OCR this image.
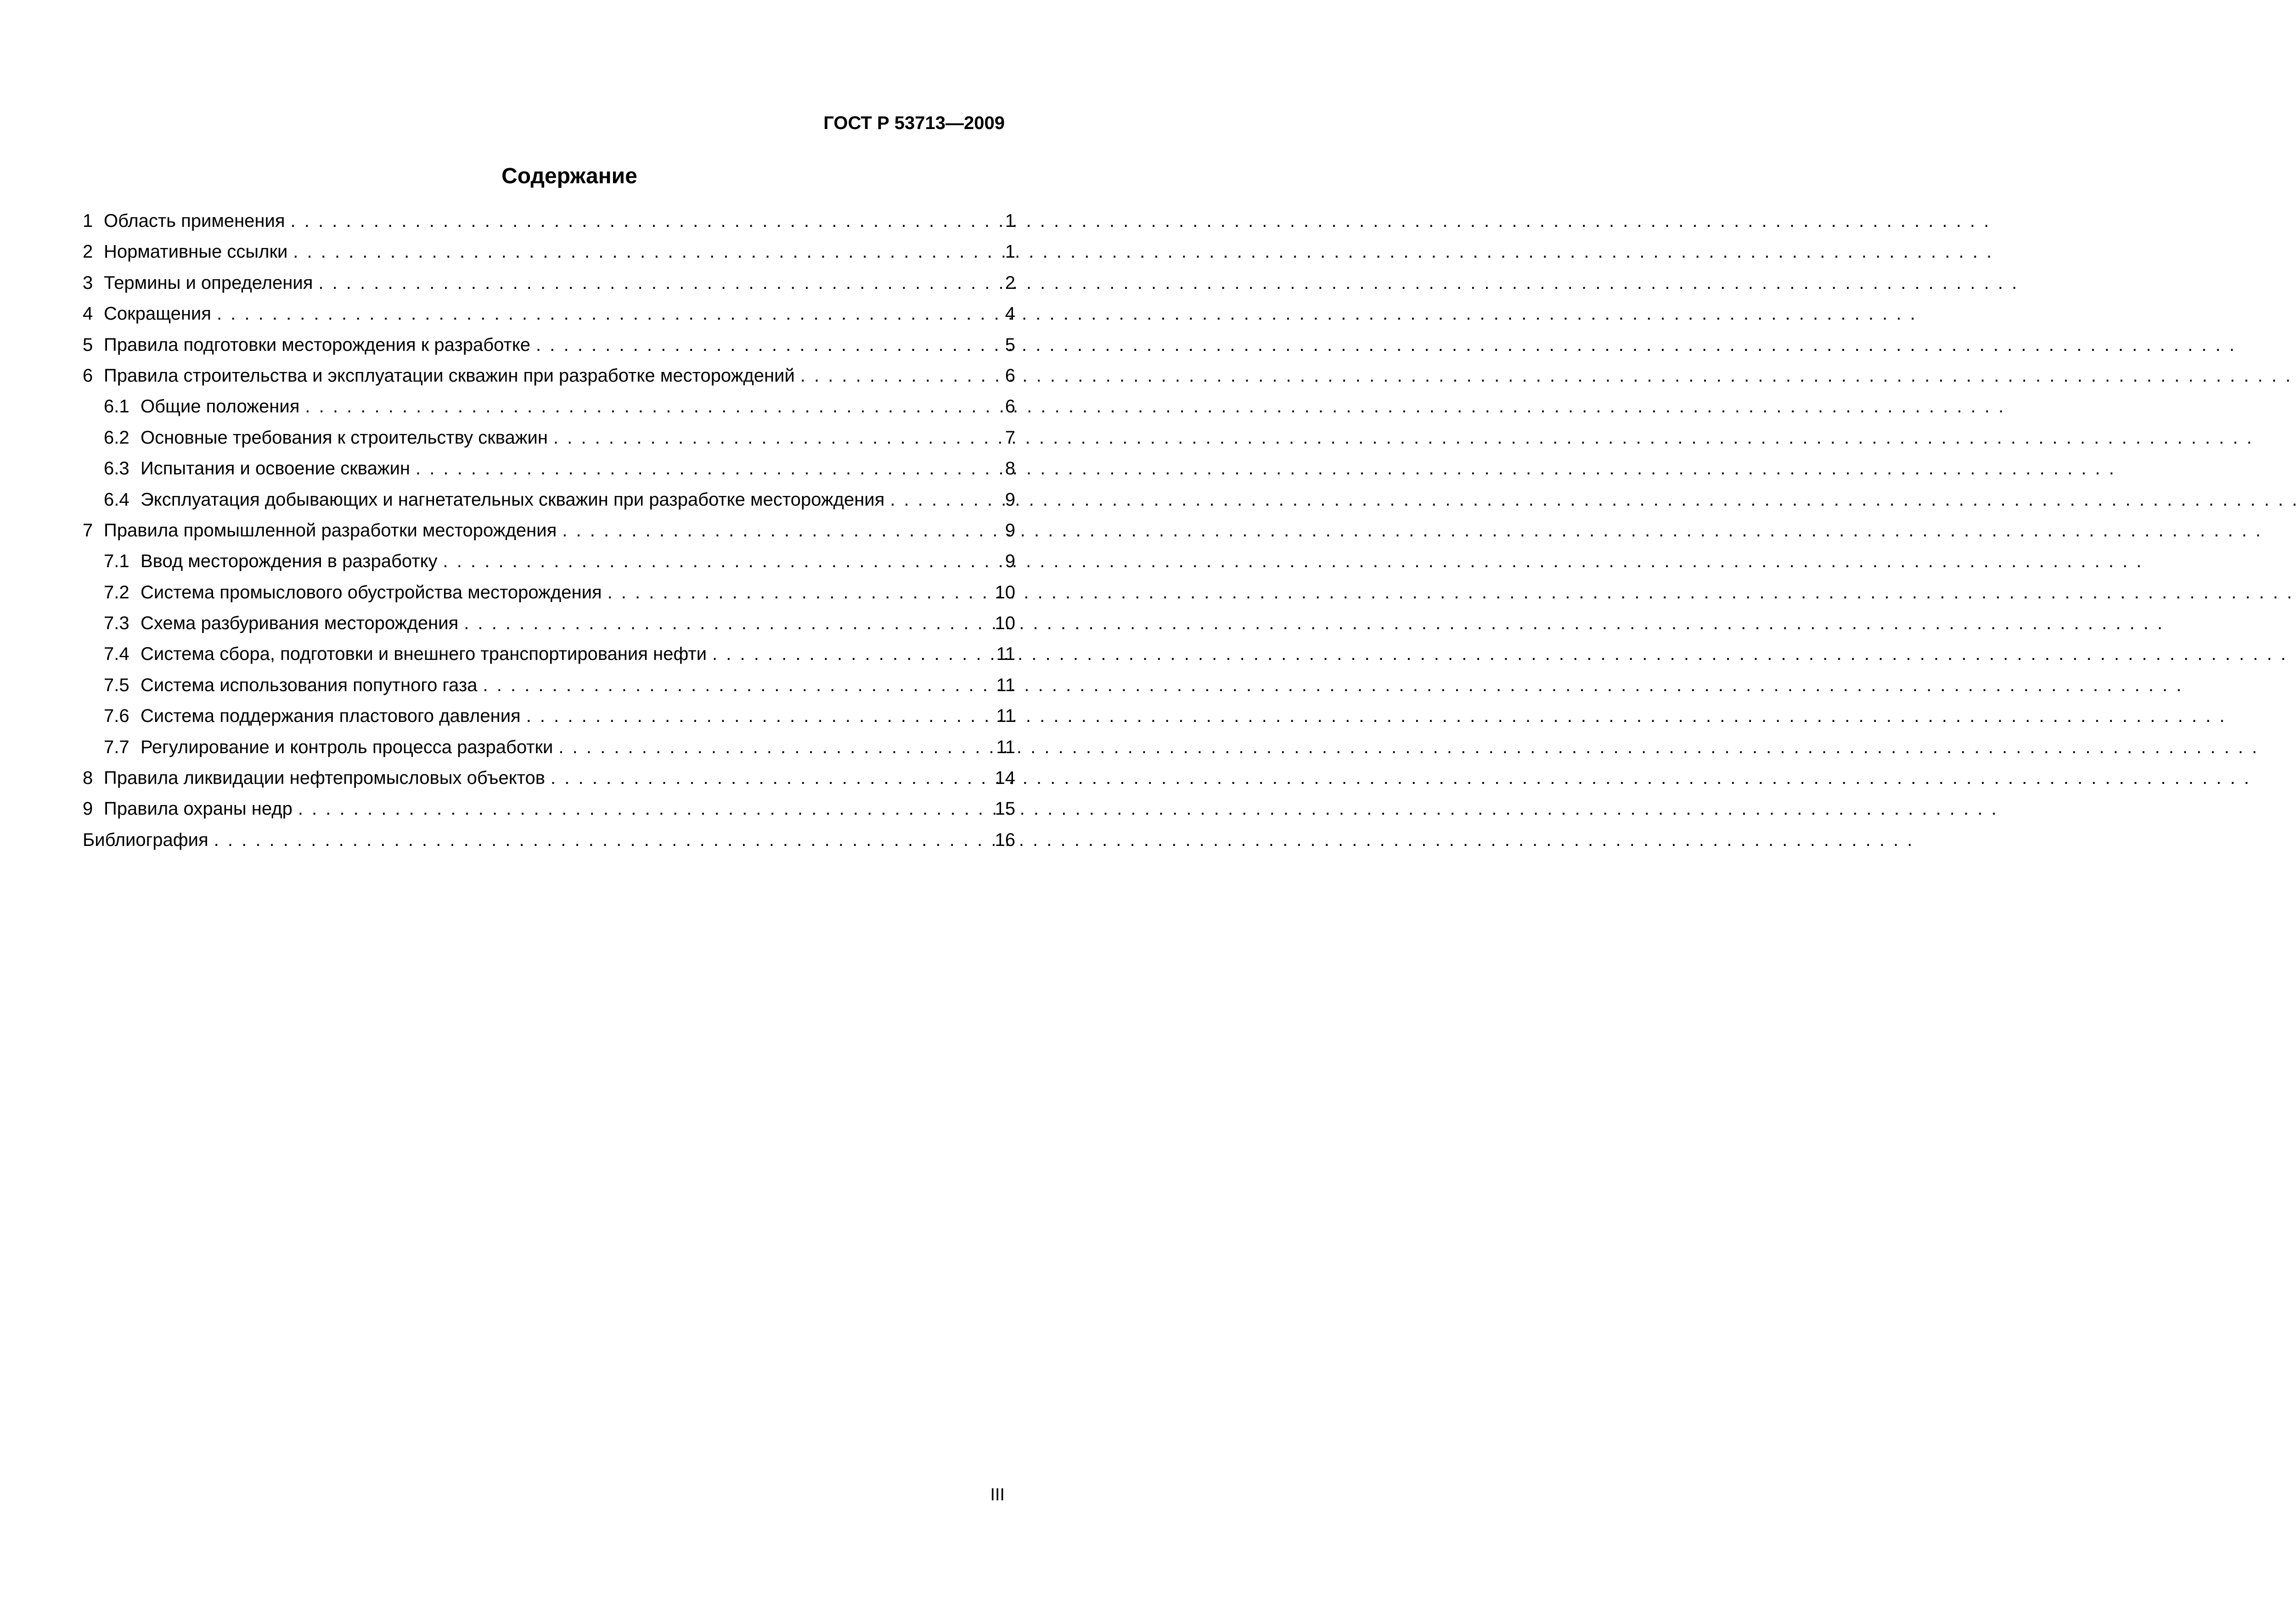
ГОСТ Р 53713—2009
Содержание
1 Область применения . . .	1
2 Нормативные ссылки . . .	1
3 Термины и определения . . .	2
4 Сокращения . . .	4
5 Правила подготовки месторождения к разработке . . .	5
6 Правила строительства и эксплуатации скважин при разработке месторождений . . .	6
6.1 Общие положения . . .	6
6.2 Основные требования к строительству скважин . . .	7
6.3 Испытания и освоение скважин . . .	8
6.4 Эксплуатация добывающих и нагнетательных скважин при разработке месторождения . . .	9
7 Правила промышленной разработки месторождения . . .	9
7.1 Ввод месторождения в разработку . . .	9
7.2 Система промыслового обустройства месторождения . . .	10
7.3 Схема разбуривания месторождения . . .	10
7.4 Система сбора, подготовки и внешнего транспортирования нефти . . .	11
7.5 Система использования попутного газа . . .	11
7.6 Система поддержания пластового давления . . .	11
7.7 Регулирование и контроль процесса разработки . . .	11
8 Правила ликвидации нефтепромысловых объектов . . .	14
9 Правила охраны недр . . .	15
Библиография . . .	16
III
